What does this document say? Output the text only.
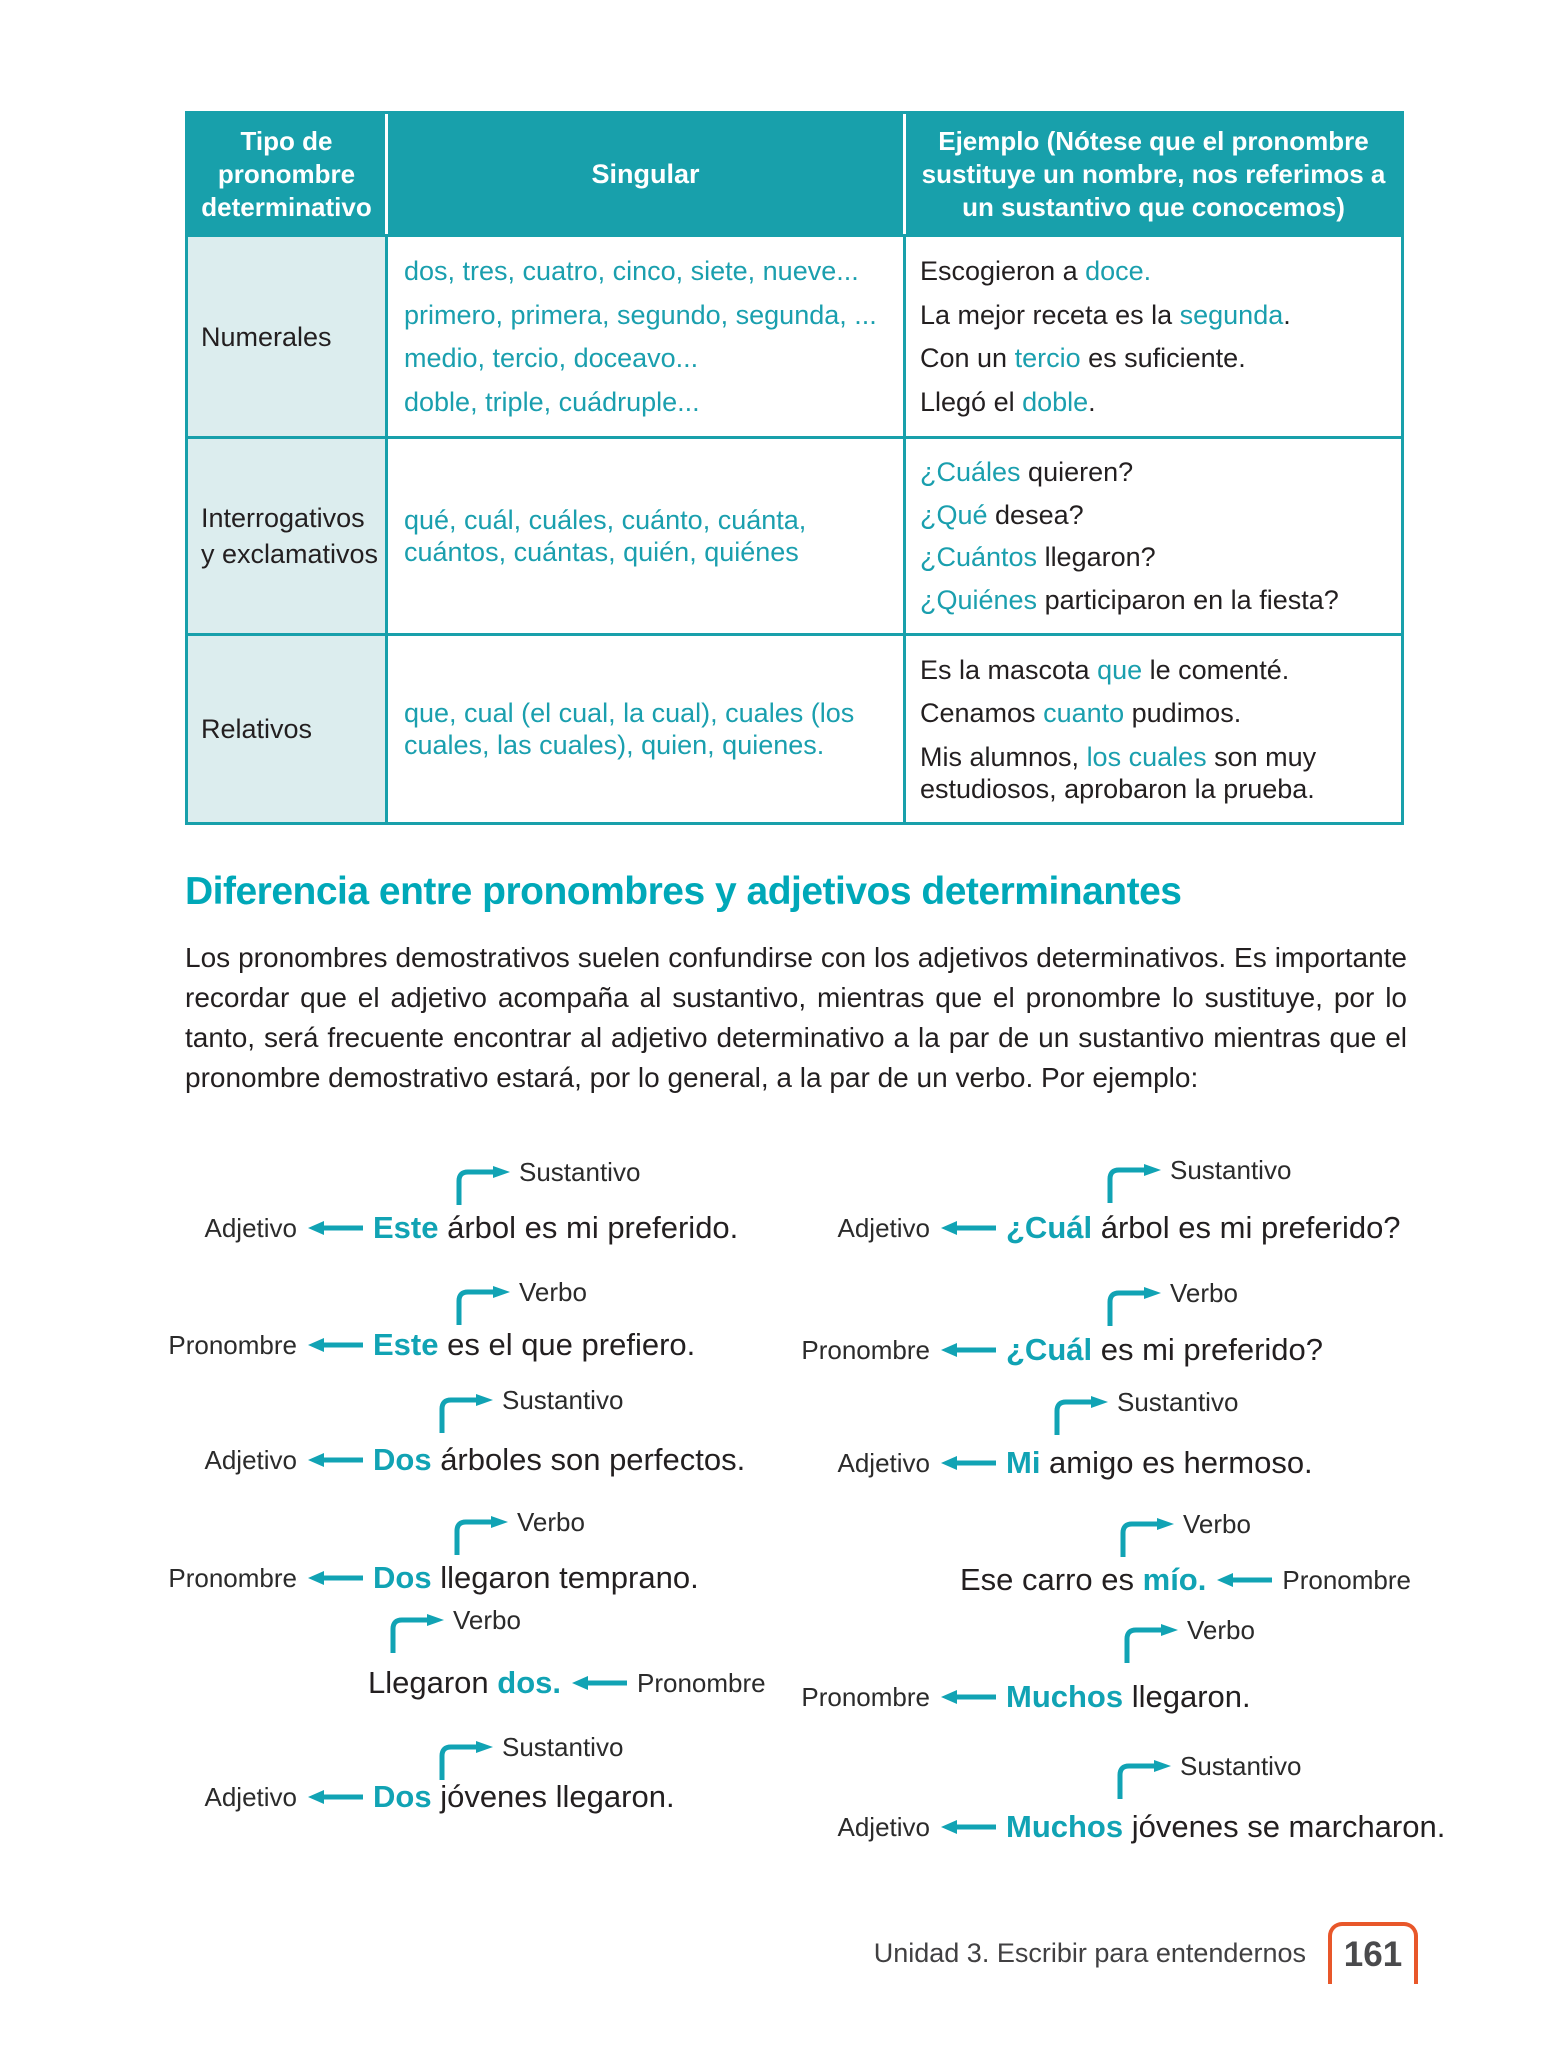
Tipo de pronombre determinativo
Singular
Ejemplo (Nótese que el pronombre sustituye un nombre, nos referimos a un sustantivo que conocemos)
Numerales

dos, tres, cuatro, cinco, siete, nueve...

primero, primera, segundo, segunda, ...

medio, tercio, doceavo...

doble, triple, cuádruple...

Escogieron a doce.

La mejor receta es la segunda.

Con un tercio es suficiente.

Llegó el doble.

Interrogativos y exclamativos

qué, cuál, cuáles, cuánto, cuánta, cuántos, cuántas, quién, quiénes

¿Cuáles quieren?

¿Qué desea?

¿Cuántos llegaron?

¿Quiénes participaron en la fiesta?

Relativos

que, cual (el cual, la cual), cuales (los cuales, las cuales), quien, quienes.

Es la mascota que le comenté.

Cenamos cuanto pudimos.

Mis alumnos, los cuales son muy estudiosos, aprobaron la prueba.

Diferencia entre pronombres y adjetivos determinantes

Los pronombres demostrativos suelen confundirse con los adjetivos determinativos. Es importante recordar que el adjetivo acompaña al sustantivo, mientras que el pronombre lo sustituye, por lo tanto, será frecuente encontrar al adjetivo determinativo a la par de un sustantivo mientras que el pronombre demostrativo estará, por lo general, a la par de un verbo. Por ejemplo:

Sustantivo
Adjetivo Este árbol es mi preferido.
Verbo
Pronombre Este es el que prefiero.
Sustantivo
Adjetivo Dos árboles son perfectos.
Verbo
Pronombre Dos llegaron temprano.
Verbo
Llegaron dos.	Pronombre
Sustantivo
Adjetivo Dos jóvenes llegaron.
Sustantivo
Adjetivo ¿Cuál árbol es mi preferido?
Verbo
Pronombre ¿Cuál es mi preferido?
Sustantivo
Adjetivo Mi amigo es hermoso.
Verbo
Ese carro es mío.	Pronombre
Verbo
Pronombre Muchos llegaron.
Sustantivo
Adjetivo Muchos jóvenes se marcharon.
Unidad 3. Escribir para entendernos 161
